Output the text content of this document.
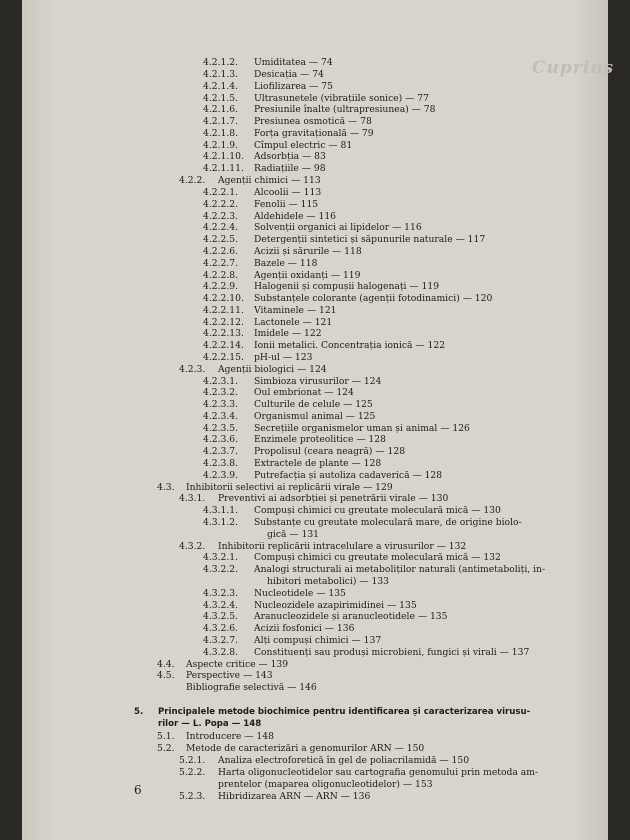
Cuprins
4.2.1.2. Umiditatea — 74
4.2.1.3. Desicația — 74
4.2.1.4. Liofilizarea — 75
4.2.1.5. Ultrasunetele (vibrațiile sonice) — 77
4.2.1.6. Presiunile înalte (ultrapresiunea) — 78
4.2.1.7. Presiunea osmotică — 78
4.2.1.8. Forța gravitațională — 79
4.2.1.9. Cîmpul electric — 81
4.2.1.10. Adsorbția — 83
4.2.1.11. Radiațiile — 98
4.2.2. Agenții chimici — 113
4.2.2.1. Alcoolii — 113
4.2.2.2. Fenolii — 115
4.2.2.3. Aldehidele — 116
4.2.2.4. Solvenții organici ai lipidelor — 116
4.2.2.5. Detergenții sintetici și săpunurile naturale — 117
4.2.2.6. Acizii și sărurile — 118
4.2.2.7. Bazele — 118
4.2.2.8. Agenții oxidanți — 119
4.2.2.9. Halogenii și compușii halogenați — 119
4.2.2.10. Substanțele colorante (agenții fotodinamici) — 120
4.2.2.11. Vitaminele — 121
4.2.2.12. Lactonele — 121
4.2.2.13. Imidele — 122
4.2.2.14. Ionii metalici. Concentrația ionică — 122
4.2.2.15. pH-ul — 123
4.2.3. Agenții biologici — 124
4.2.3.1. Simbioza virusurilor — 124
4.2.3.2. Oul embrionat — 124
4.2.3.3. Culturile de celule — 125
4.2.3.4. Organismul animal — 125
4.2.3.5. Secrețiile organismelor uman și animal — 126
4.2.3.6. Enzimele proteolitice — 128
4.2.3.7. Propolisul (ceara neagră) — 128
4.2.3.8. Extractele de plante — 128
4.2.3.9. Putrefacția și autoliza cadaverică — 128
4.3. Inhibitorii selectivi ai replicării virale — 129
4.3.1. Preventivi ai adsorbției și penetrării virale — 130
4.3.1.1. Compuși chimici cu greutate moleculară mică — 130
4.3.1.2. Substanțe cu greutate moleculară mare, de origine biolo-
gică — 131
4.3.2. Inhibitorii replicării intracelulare a virusurilor — 132
4.3.2.1. Compuși chimici cu greutate moleculară mică — 132
4.3.2.2. Analogi structurali ai metaboliților naturali (antimetaboliți, in-
hibitori metabolici) — 133
4.3.2.3. Nucleotidele — 135
4.3.2.4. Nucleozidele azapirimidinei — 135
4.3.2.5. Aranucleozidele și aranucleotidele — 135
4.3.2.6. Acizii fosfonici — 136
4.3.2.7. Alți compuși chimici — 137
4.3.2.8. Constituenți sau produși microbieni, fungici și virali — 137
4.4. Aspecte critice — 139
4.5. Perspective — 143
Bibliografie selectivă — 146
5. Principalele metode biochimice pentru identificarea și caracterizarea virusu-
rilor — L. Popa — 148
5.1. Introducere — 148
5.2. Metode de caracterizări a genomurilor ARN — 150
5.2.1. Analiza electroforetică în gel de poliacrilamidă — 150
5.2.2. Harta oligonucleotidelor sau cartografia genomului prin metoda am-
prentelor (maparea oligonucleotidelor) — 153
5.2.3. Hibridizarea ARN — ARN — 136
6
